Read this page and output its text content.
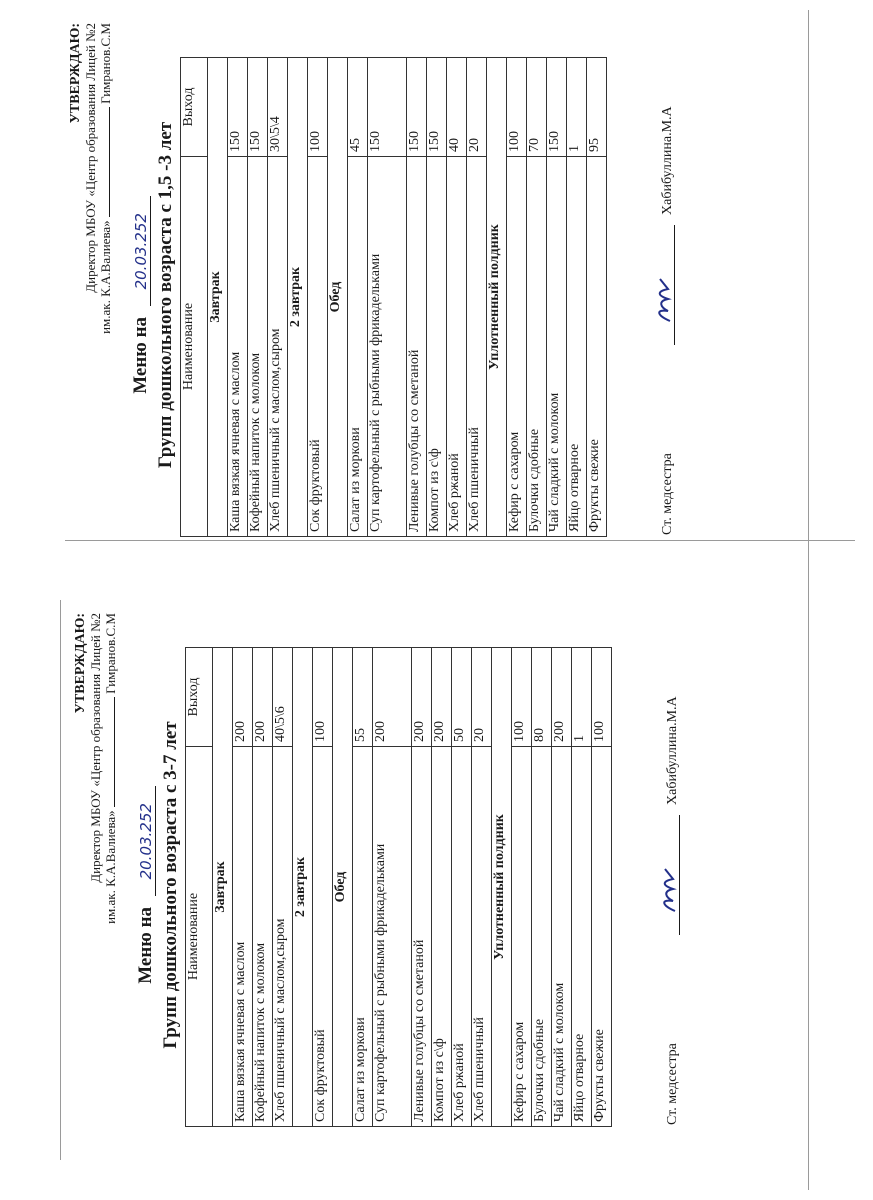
УТВЕРЖДАЮ: Директор МБОУ «Центр образования Лицей №2 им.ак. К.А.Валиева»  Гимранов.С.М
Меню на 20.03.252 Групп дошкольного возраста с 1,5 -3 лет Наименование	Выход
Завтрак	
Каша вязкая ячневая с маслом	150
Кофейный напиток с молоком	150
Хлеб пшеничный с маслом,сыром	30\5\4
2 завтрак	
Сок фруктовый	100
Обед	
Салат из моркови	45
Суп картофельный с рыбными фрикадельками	150
Ленивые голубцы со сметаной	150
Компот из с\ф	150
Хлеб ржаной	40
Хлеб пшеничный	20
Уплотненный полдник	
Кефир с сахаром	100
Булочки сдобные	70
Чай сладкий с молоком	150
Яйцо отварное	1
Фрукты свежие	95
Ст. медсестра
Хабибуллина.М.А
УТВЕРЖДАЮ: Директор МБОУ «Центр образования Лицей №2 им.ак. К.А.Валиева»  Гимранов.С.М
Меню на 20.03.252 Групп дошкольного возраста с 3-7 лет Наименование	Выход
Завтрак	
Каша вязкая ячневая с маслом	200
Кофейный напиток с молоком	200
Хлеб пшеничный с маслом,сыром	40\5\6
2 завтрак	
Сок фруктовый	100
Обед	
Салат из моркови	55
Суп картофельный с рыбными фрикадельками	200
Ленивые голубцы со сметаной	200
Компот из с\ф	200
Хлеб ржаной	50
Хлеб пшеничный	20
Уплотненный полдник	
Кефир с сахаром	100
Булочки сдобные	80
Чай сладкий с молоком	200
Яйцо отварное	1
Фрукты свежие	100
Ст. медсестра
Хабибуллина.М.А
